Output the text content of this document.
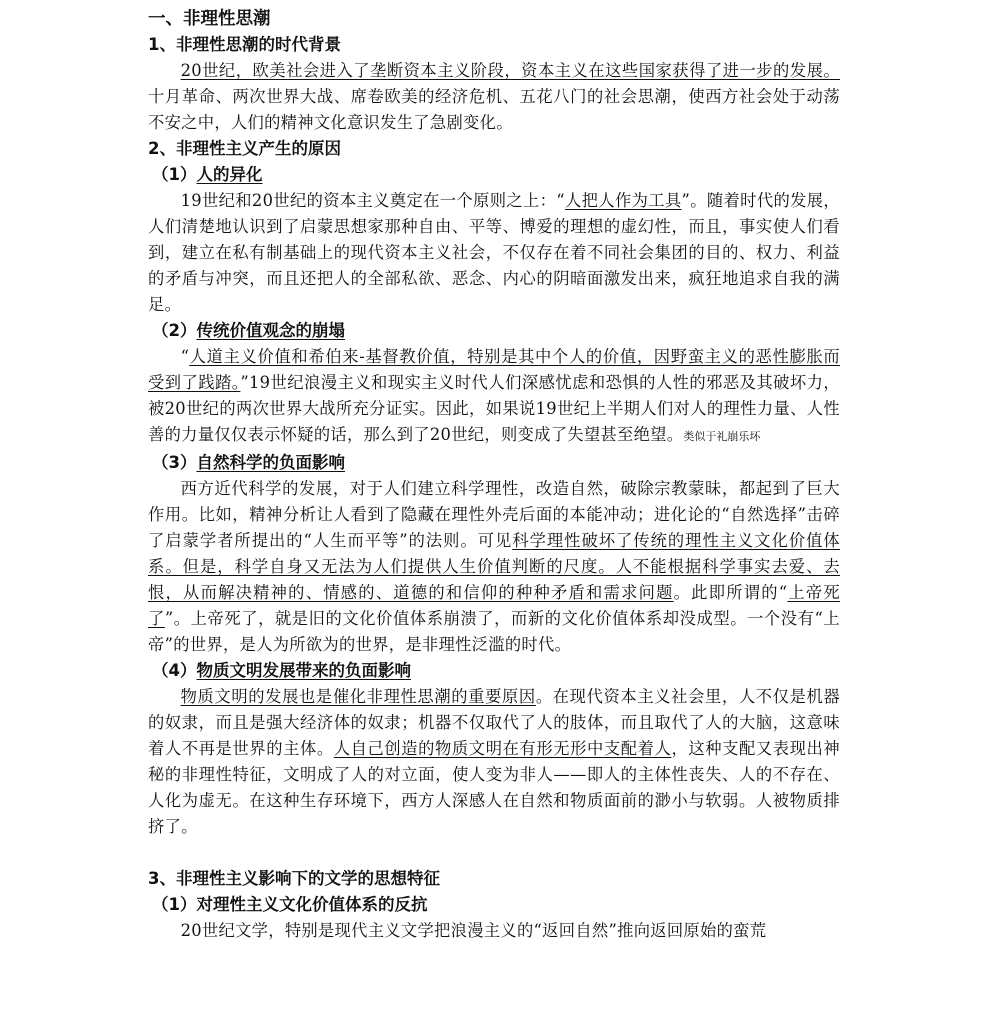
一、非理性思潮
1、非理性思潮的时代背景
20世纪，欧美社会进入了垄断资本主义阶段，资本主义在这些国家获得了进一步的发展。十月革命、两次世界大战、席卷欧美的经济危机、五花八门的社会思潮，使西方社会处于动荡不安之中，人们的精神文化意识发生了急剧变化。
2、非理性主义产生的原因
（1）人的异化
19世纪和20世纪的资本主义奠定在一个原则之上：“人把人作为工具”。随着时代的发展，人们清楚地认识到了启蒙思想家那种自由、平等、博爱的理想的虚幻性，而且，事实使人们看到，建立在私有制基础上的现代资本主义社会，不仅存在着不同社会集团的目的、权力、利益的矛盾与冲突，而且还把人的全部私欲、恶念、内心的阴暗面激发出来，疯狂地追求自我的满足。
（2）传统价值观念的崩塌
“人道主义价值和希伯来-基督教价值，特别是其中个人的价值，因野蛮主义的恶性膨胀而受到了践踏。”19世纪浪漫主义和现实主义时代人们深感忧虑和恐惧的人性的邪恶及其破坏力，被20世纪的两次世界大战所充分证实。因此，如果说19世纪上半期人们对人的理性力量、人性善的力量仅仅表示怀疑的话，那么到了20世纪，则变成了失望甚至绝望。类似于礼崩乐坏
（3）自然科学的负面影响
西方近代科学的发展，对于人们建立科学理性，改造自然，破除宗教蒙昧，都起到了巨大作用。比如，精神分析让人看到了隐藏在理性外壳后面的本能冲动；进化论的“自然选择”击碎了启蒙学者所提出的“人生而平等”的法则。可见科学理性破坏了传统的理性主义文化价值体系。但是，科学自身又无法为人们提供人生价值判断的尺度。人不能根据科学事实去爱、去恨，从而解决精神的、情感的、道德的和信仰的种种矛盾和需求问题。此即所谓的“上帝死了”。上帝死了，就是旧的文化价值体系崩溃了，而新的文化价值体系却没成型。一个没有“上帝”的世界，是人为所欲为的世界，是非理性泛滥的时代。
（4）物质文明发展带来的负面影响
物质文明的发展也是催化非理性思潮的重要原因。在现代资本主义社会里，人不仅是机器的奴隶，而且是强大经济体的奴隶；机器不仅取代了人的肢体，而且取代了人的大脑，这意味着人不再是世界的主体。人自己创造的物质文明在有形无形中支配着人，这种支配又表现出神秘的非理性特征，文明成了人的对立面，使人变为非人——即人的主体性丧失、人的不存在、人化为虚无。在这种生存环境下，西方人深感人在自然和物质面前的渺小与软弱。人被物质排挤了。
3、非理性主义影响下的文学的思想特征
（1）对理性主义文化价值体系的反抗
20世纪文学，特别是现代主义文学把浪漫主义的“返回自然”推向返回原始的蛮荒
